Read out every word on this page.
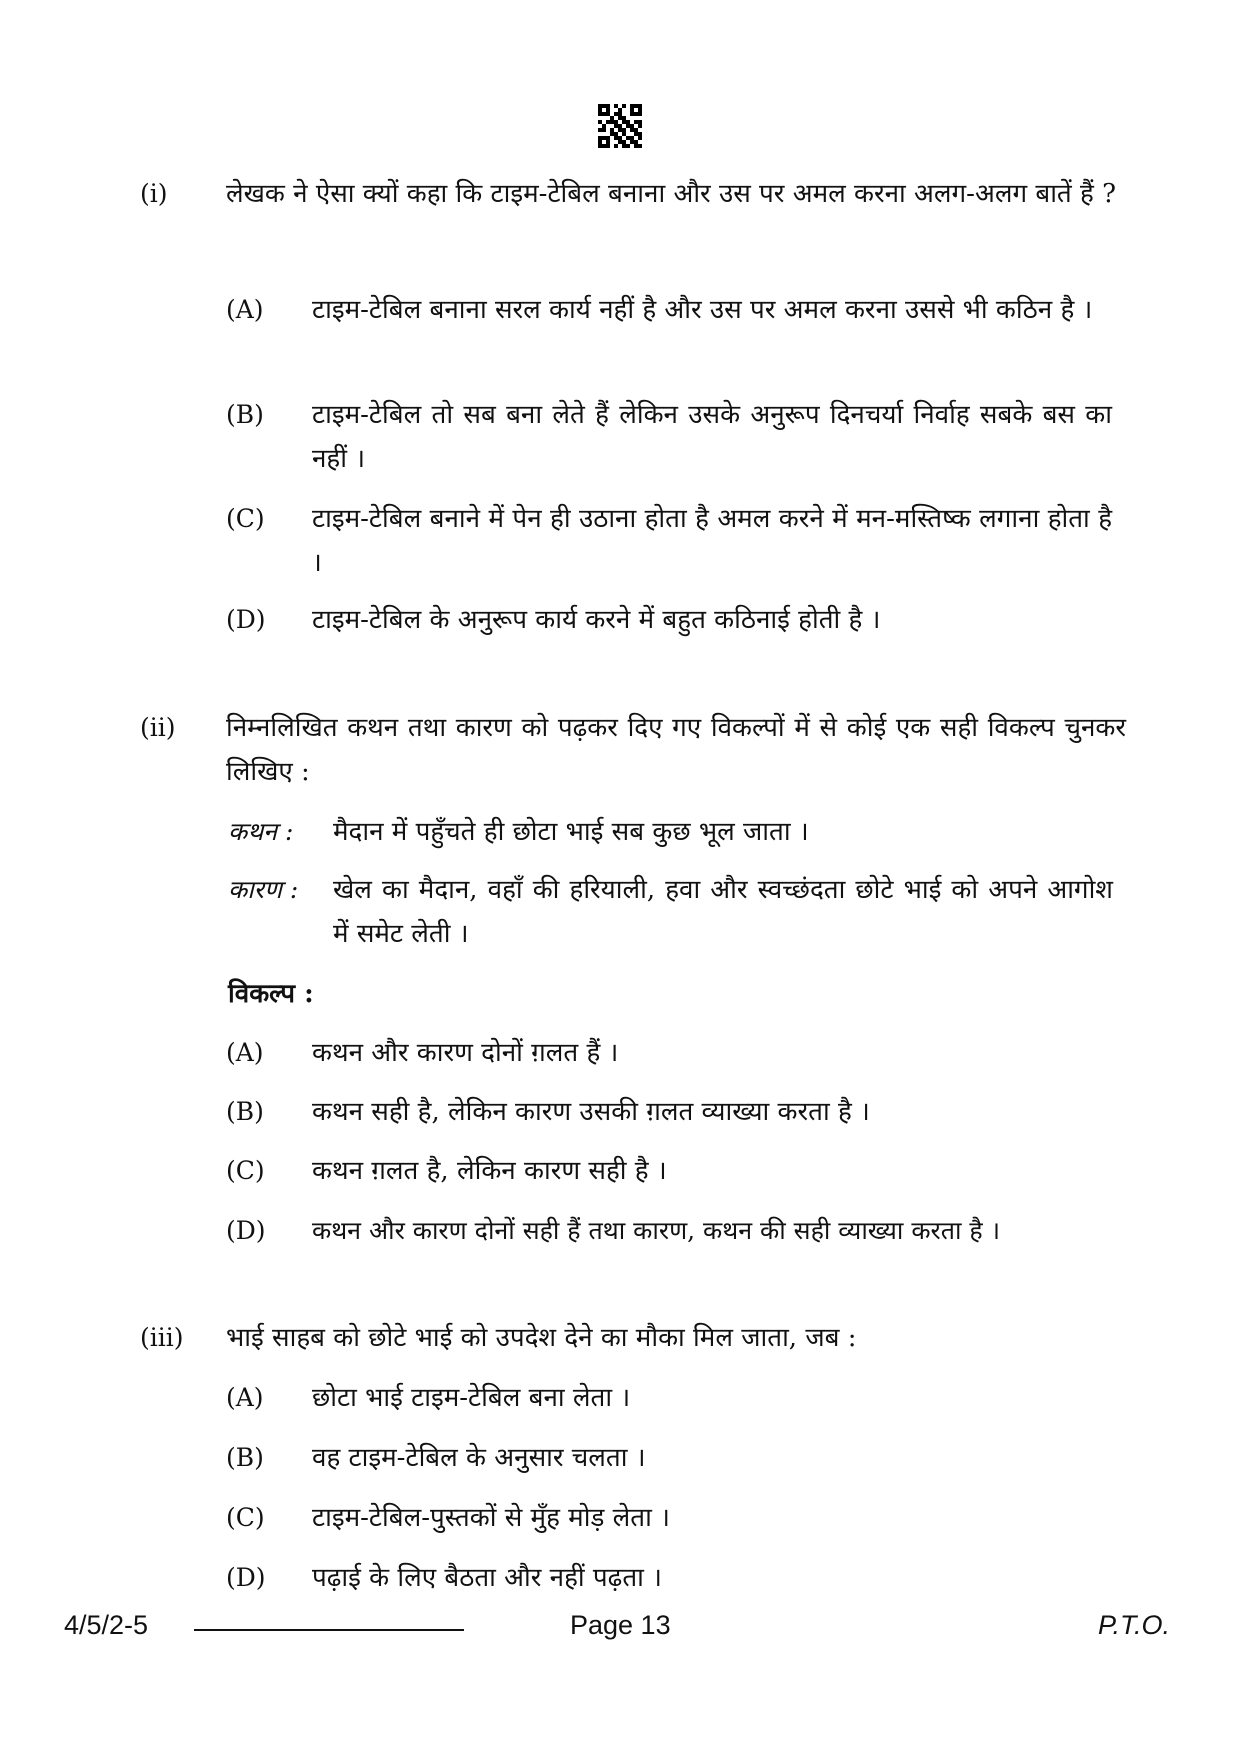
(i) लेखक ने ऐसा क्यों कहा कि टाइम-टेबिल बनाना और उस पर अमल करना अलग-अलग बातें हैं ?
(A) टाइम-टेबिल बनाना सरल कार्य नहीं है और उस पर अमल करना उससे भी कठिन है ।
(B) टाइम-टेबिल तो सब बना लेते हैं लेकिन उसके अनुरूप दिनचर्या निर्वाह सबके बस का नहीं ।
(C) टाइम-टेबिल बनाने में पेन ही उठाना होता है अमल करने में मन-मस्तिष्क लगाना होता है ।
(D) टाइम-टेबिल के अनुरूप कार्य करने में बहुत कठिनाई होती है ।
(ii) निम्नलिखित कथन तथा कारण को पढ़कर दिए गए विकल्पों में से कोई एक सही विकल्प चुनकर लिखिए :
कथन : मैदान में पहुँचते ही छोटा भाई सब कुछ भूल जाता ।
कारण : खेल का मैदान, वहाँ की हरियाली, हवा और स्वच्छंदता छोटे भाई को अपने आगोश में समेट लेती ।
विकल्प :
(A) कथन और कारण दोनों ग़लत हैं ।
(B) कथन सही है, लेकिन कारण उसकी ग़लत व्याख्या करता है ।
(C) कथन ग़लत है, लेकिन कारण सही है ।
(D) कथन और कारण दोनों सही हैं तथा कारण, कथन की सही व्याख्या करता है ।
(iii) भाई साहब को छोटे भाई को उपदेश देने का मौका मिल जाता, जब :
(A) छोटा भाई टाइम-टेबिल बना लेता ।
(B) वह टाइम-टेबिल के अनुसार चलता ।
(C) टाइम-टेबिल-पुस्तकों से मुँह मोड़ लेता ।
(D) पढ़ाई के लिए बैठता और नहीं पढ़ता ।
4/5/2-5	Page 13	P.T.O.
